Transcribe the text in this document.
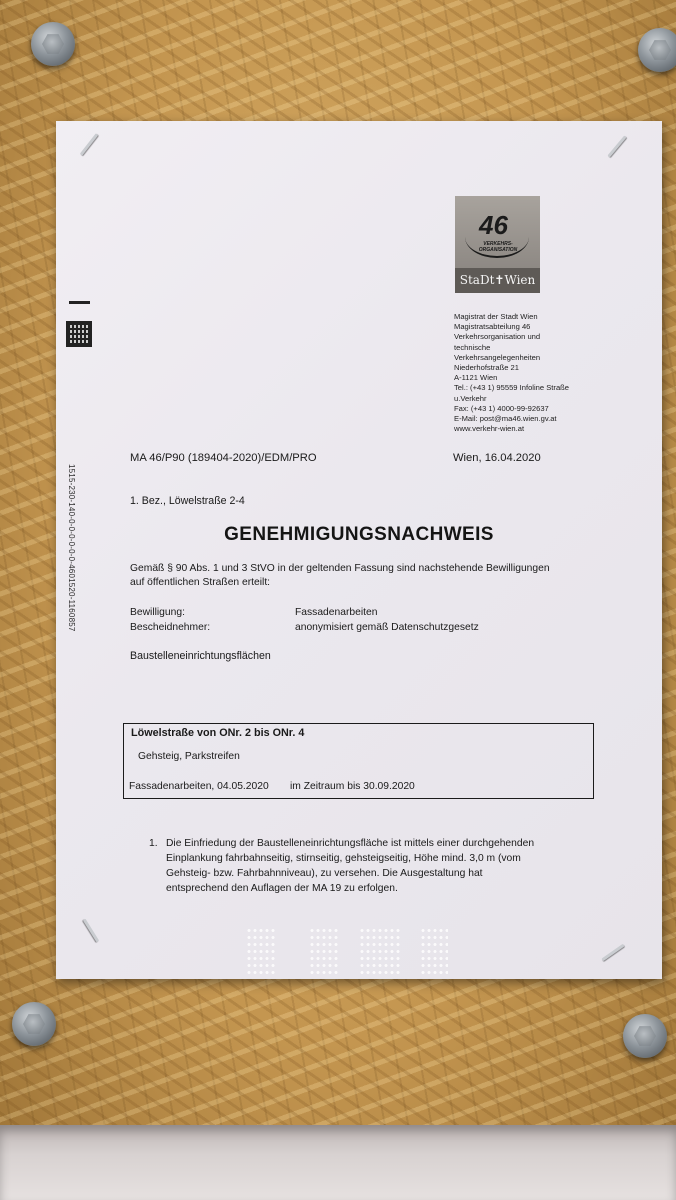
46
VERKEHRS- ORGANISATION
StaDt✝Wien
Magistrat der Stadt Wien
Magistratsabteilung 46
Verkehrsorganisation und
technische
Verkehrsangelegenheiten
Niederhofstraße 21
A-1121 Wien
Tel.: (+43 1) 95559 Infoline Straße
u.Verkehr
Fax: (+43 1) 4000-99-92637
E-Mail: post@ma46.wien.gv.at
www.verkehr-wien.at
1515-230-140-0-0-0-0-0-0-4601520-1160857
MA 46/P90 (189404-2020)/EDM/PRO	Wien, 16.04.2020
1. Bez., Löwelstraße 2-4
GENEHMIGUNGSNACHWEIS
Gemäß § 90 Abs. 1 und 3 StVO in der geltenden Fassung sind nachstehende Bewilligungen
auf öffentlichen Straßen erteilt:
Bewilligung:	Fassadenarbeiten
Bescheidnehmer:	anonymisiert gemäß Datenschutzgesetz
Baustelleneinrichtungsflächen
Löwelstraße von ONr. 2 bis ONr. 4
Gehsteig, Parkstreifen
Fassadenarbeiten, 04.05.2020 im Zeitraum bis 30.09.2020
1. Die Einfriedung der Baustelleneinrichtungsfläche ist mittels einer durchgehenden
Einplankung fahrbahnseitig, stirnseitig, gehsteigseitig, Höhe mind. 3,0 m (vom
Gehsteig- bzw. Fahrbahnniveau), zu versehen. Die Ausgestaltung hat
entsprechend den Auflagen der MA 19 zu erfolgen.
